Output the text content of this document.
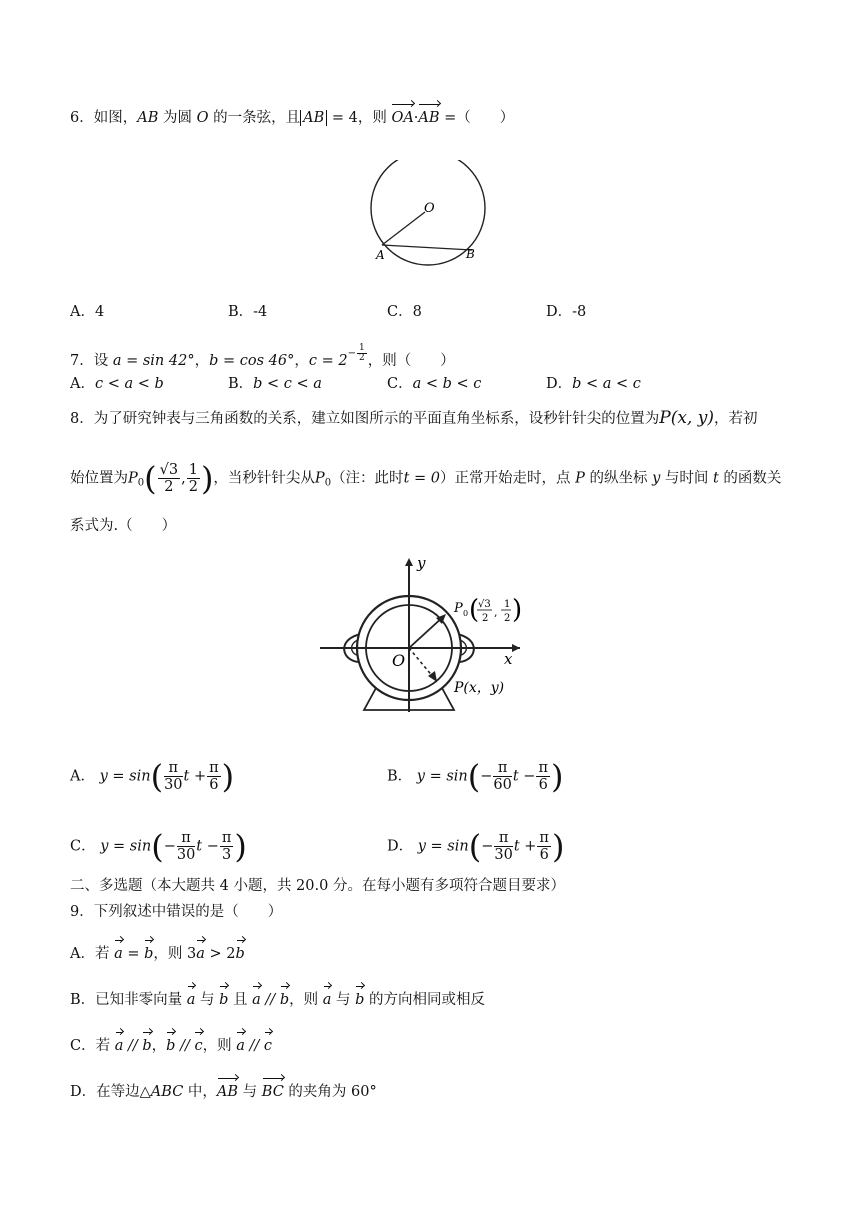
6．如图，AB 为圆 O 的一条弦，且 AB = 4，则 OA·AB =（　　）
O
A	B
A．4	B．-4	C．8	D．-8
7．设 a = sin 42°，b = cos 46°，$c = 2^{- \frac{1}{2}}$ ，则（　　）
A．c < a < b	B．b < c < a	C．a < b < c	D．b < a < c
8．为了研究钟表与三角函数的关系，建立如图所示的平面直角坐标系，设秒针针尖的位置为P(x, y)，若初
始位置为$P_0( \frac{√3}{2}$ , $\frac{1}{2}$ )，当秒针针尖从$P_0$（注：此时t = 0）正常开始走时，点 P 的纵坐标 y 与时间 t 的函数关
系式为.（　　）
y
x
O
P 0 (
√3
2 ,
1
2 )
P(x，y)
A． $y = \sin( \frac{\pi}{30}$ $t + \frac{\pi}{6}$ )	B． $y = \sin(- \frac{\pi}{60}$ $t - \frac{\pi}{6}$ )
C． $y = \sin(- \frac{\pi}{30}$ $t - \frac{\pi}{3}$ )	D． $y = \sin(- \frac{\pi}{30}$ $t + \frac{\pi}{6}$ )
二、多选题（本大题共 4 小题，共 20.0 分。在每小题有多项符合题目要求）
9．下列叙述中错误的是（　　）
A．若 a = b，则 3a > 2b
B．已知非零向量 a 与 b 且 a // b，则 a 与 b 的方向相同或相反
C．若 a // b，b // c，则 a // c
D．在等边△ABC 中，AB 与 BC 的夹角为 60°
